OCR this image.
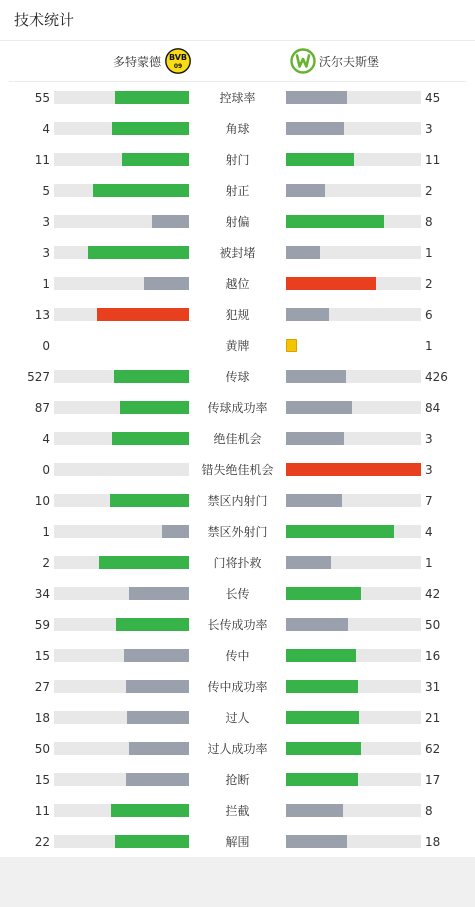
技术统计
多特蒙德 BVB
09	沃尔夫斯堡
55	控球率	45
4	角球	3
11	射门	11
5	射正	2
3	射偏	8
3	被封堵	1
1	越位	2
13	犯规	6
0	黄牌	1
527	传球	426
87	传球成功率	84
4	绝佳机会	3
0	错失绝佳机会	3
10	禁区内射门	7
1	禁区外射门	4
2	门将扑救	1
34	长传	42
59	长传成功率	50
15	传中	16
27	传中成功率	31
18	过人	21
50	过人成功率	62
15	抢断	17
11	拦截	8
22	解围	18
